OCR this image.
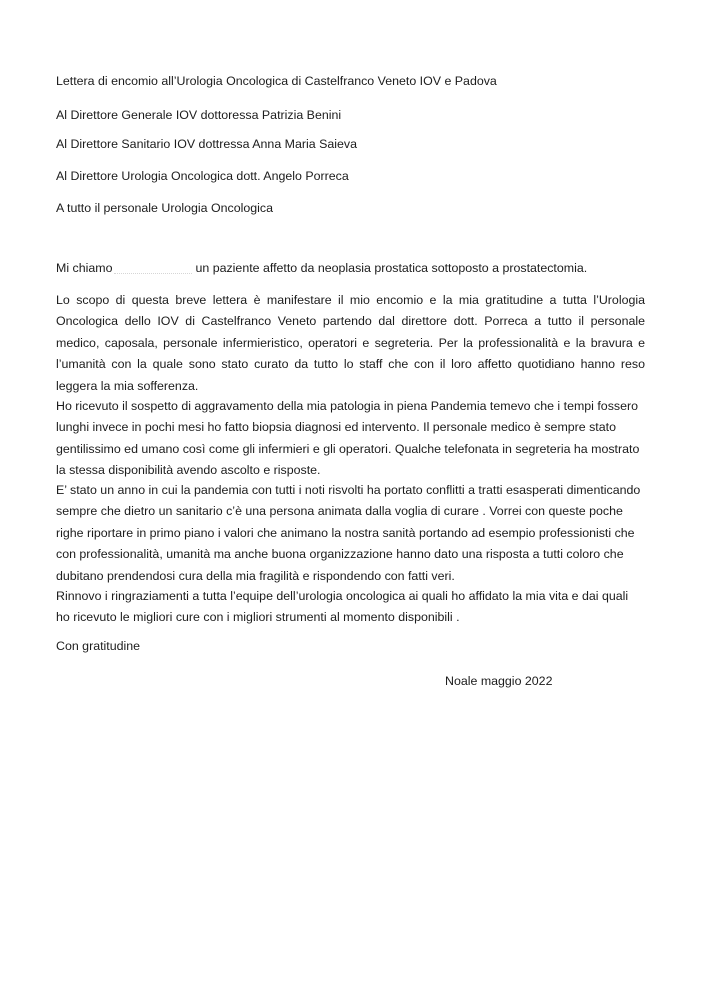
Lettera di encomio all’Urologia Oncologica di Castelfranco Veneto IOV e Padova
Al Direttore Generale IOV dottoressa Patrizia Benini
Al Direttore Sanitario IOV dottressa Anna Maria Saieva
Al Direttore Urologia Oncologica dott. Angelo Porreca
A tutto il personale Urologia Oncologica
Mi chiamo	un paziente affetto da neoplasia prostatica sottoposto a prostatectomia.

Lo scopo di questa breve lettera è manifestare il mio encomio e la mia gratitudine a tutta l’Urologia Oncologica dello IOV di Castelfranco Veneto partendo dal direttore dott. Porreca a tutto il personale medico, caposala, personale infermieristico, operatori e segreteria. Per la professionalità e la bravura e l’umanità con la quale sono stato curato da tutto lo staff che con il loro affetto quotidiano hanno reso leggera la mia sofferenza.

Ho ricevuto il sospetto di aggravamento della mia patologia in piena Pandemia temevo che i tempi fossero lunghi invece in pochi mesi ho fatto biopsia diagnosi ed intervento. Il personale medico è sempre stato gentilissimo ed umano così come gli infermieri e gli operatori. Qualche telefonata in segreteria ha mostrato la stessa disponibilità avendo ascolto e risposte.

E’ stato un anno in cui la pandemia con tutti i noti risvolti ha portato conflitti a tratti esasperati dimenticando sempre che dietro un sanitario c’è una persona animata dalla voglia di curare . Vorrei con queste poche righe riportare in primo piano i valori che animano la nostra sanità portando ad esempio professionisti che con professionalità, umanità ma anche buona organizzazione hanno dato una risposta a tutti coloro che dubitano prendendosi cura della mia fragilità e rispondendo con fatti veri.

Rinnovo i ringraziamenti a tutta l’equipe dell’urologia oncologica ai quali ho affidato la mia vita e dai quali ho ricevuto le migliori cure con i migliori strumenti al momento disponibili .

Con gratitudine
Noale maggio 2022
